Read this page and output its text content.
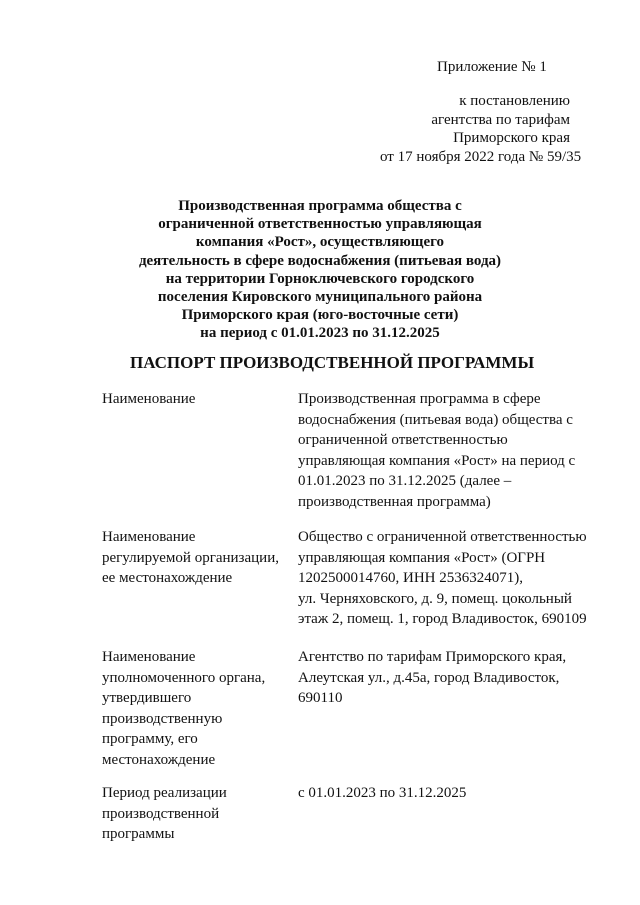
Приложение № 1
к постановлению
агентства по тарифам
Приморского края
от 17 ноября 2022 года № 59/35
Производственная программа общества с
ограниченной ответственностью управляющая
компания «Рост», осуществляющего
деятельность в сфере водоснабжения (питьевая вода)
на территории Горноключевского городского
поселения Кировского муниципального района
Приморского края (юго-восточные сети)
на период с 01.01.2023 по 31.12.2025
ПАСПОРТ ПРОИЗВОДСТВЕННОЙ ПРОГРАММЫ
Наименование	Производственная программа в сфере
водоснабжения (питьевая вода) общества с
ограниченной ответственностью
управляющая компания «Рост» на период с
01.01.2023 по 31.12.2025 (далее –
производственная программа)
Наименование
регулируемой организации,
ее местонахождение
Общество с ограниченной ответственностью
управляющая компания «Рост» (ОГРН
1202500014760, ИНН 2536324071),
ул. Черняховского, д. 9, помещ. цокольный
этаж 2, помещ. 1, город Владивосток, 690109
Наименование
уполномоченного органа,
утвердившего
производственную
программу, его
местонахождение
Агентство по тарифам Приморского края,
Алеутская ул., д.45а, город Владивосток,
690110
Период реализации
производственной
программы
с 01.01.2023 по 31.12.2025
